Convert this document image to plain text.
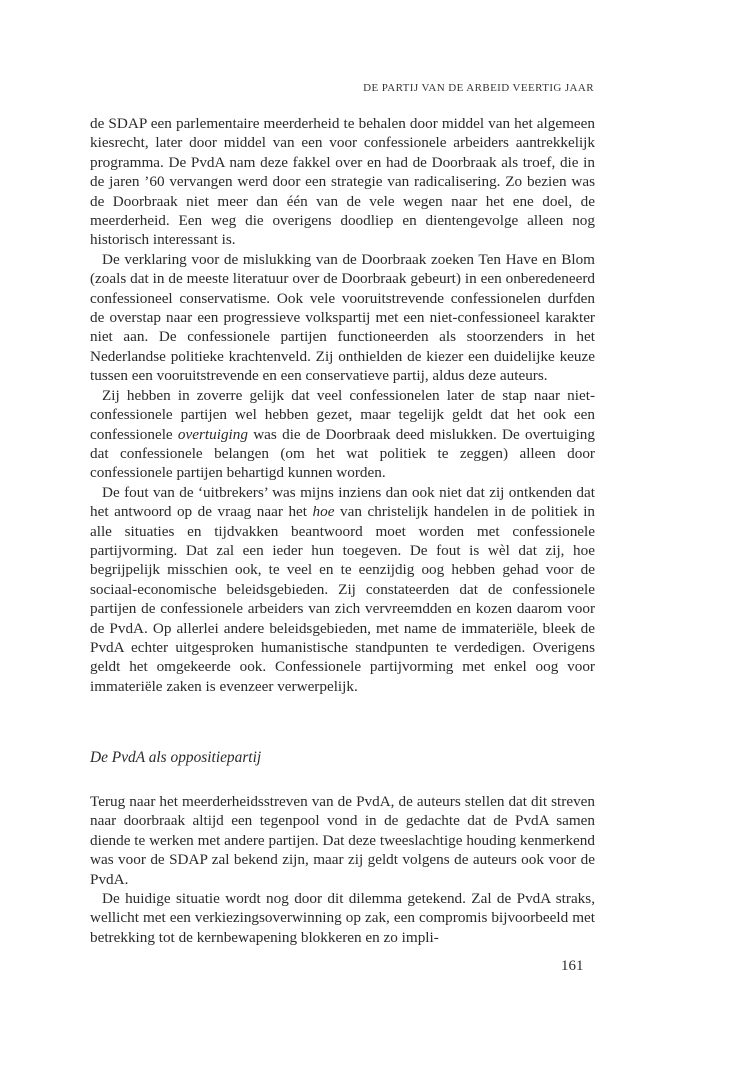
DE PARTIJ VAN DE ARBEID VEERTIG JAAR

de SDAP een parlementaire meerderheid te behalen door middel van het algemeen kiesrecht, later door middel van een voor confessionele arbeiders aantrekkelijk programma. De PvdA nam deze fakkel over en had de Doorbraak als troef, die in de jaren ’60 vervangen werd door een strategie van radicalisering. Zo bezien was de Doorbraak niet meer dan één van de vele wegen naar het ene doel, de meerderheid. Een weg die overigens doodliep en dientengevolge alleen nog historisch interessant is.

De verklaring voor de mislukking van de Doorbraak zoeken Ten Have en Blom (zoals dat in de meeste literatuur over de Doorbraak gebeurt) in een onberedeneerd confessioneel conservatisme. Ook vele vooruitstrevende confessionelen durfden de overstap naar een progressieve volkspartij met een niet-confessioneel karakter niet aan. De confessionele partijen functioneerden als stoorzenders in het Nederlandse politieke krachtenveld. Zij onthielden de kiezer een duidelijke keuze tussen een vooruitstrevende en een conservatieve partij, aldus deze auteurs.

Zij hebben in zoverre gelijk dat veel confessionelen later de stap naar niet-confessionele partijen wel hebben gezet, maar tegelijk geldt dat het ook een confessionele overtuiging was die de Doorbraak deed mislukken. De overtuiging dat confessionele belangen (om het wat politiek te zeggen) alleen door confessionele partijen behartigd kunnen worden.

De fout van de ‘uitbrekers’ was mijns inziens dan ook niet dat zij ontkenden dat het antwoord op de vraag naar het hoe van christelijk handelen in de politiek in alle situaties en tijdvakken beantwoord moet worden met confessionele partijvorming. Dat zal een ieder hun toegeven. De fout is wèl dat zij, hoe begrijpelijk misschien ook, te veel en te eenzijdig oog hebben gehad voor de sociaal-economische beleidsgebieden. Zij constateerden dat de confessionele partijen de confessionele arbeiders van zich vervreemdden en kozen daarom voor de PvdA. Op allerlei andere beleidsgebieden, met name de immateriële, bleek de PvdA echter uitgesproken humanistische standpunten te verdedigen. Overigens geldt het omgekeerde ook. Confessionele partijvorming met enkel oog voor immateriële zaken is evenzeer verwerpelijk.

De PvdA als oppositiepartij

Terug naar het meerderheidsstreven van de PvdA, de auteurs stellen dat dit streven naar doorbraak altijd een tegenpool vond in de gedachte dat de PvdA samen diende te werken met andere partijen. Dat deze tweeslachtige houding kenmerkend was voor de SDAP zal bekend zijn, maar zij geldt volgens de auteurs ook voor de PvdA.

De huidige situatie wordt nog door dit dilemma getekend. Zal de PvdA straks, wellicht met een verkiezingsoverwinning op zak, een compromis bijvoorbeeld met betrekking tot de kernbewapening blokkeren en zo impli-

161
